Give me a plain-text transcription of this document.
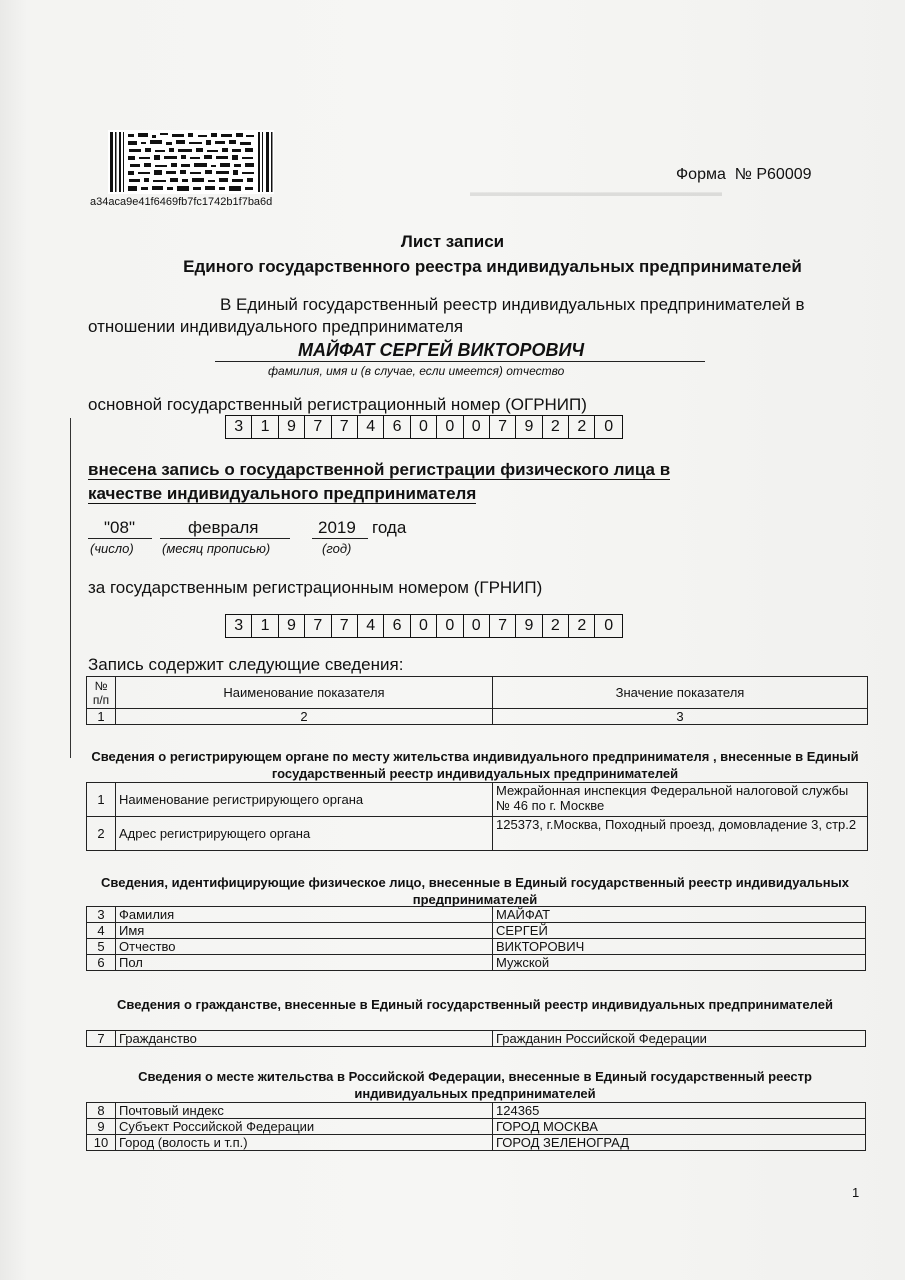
▬▬▬▬▬▬▬▬▬▬▬▬▬▬▬▬▬▬▬▬▬
a34aca9e41f6469fb7fc1742b1f7ba6d
Форма № Р60009
Лист записи
Единого государственного реестра индивидуальных предпринимателей
В Единый государственный реестр индивидуальных предпринимателей в
отношении индивидуального предпринимателя
МАЙФАТ СЕРГЕЙ ВИКТОРОВИЧ
фамилия, имя и (в случае, если имеется) отчество
основной государственный регистрационный номер (ОГРНИП)
3	1	9	7	7	4	6	0	0	0	7	9	2	2	0
внесена запись о государственной регистрации физического лица в
качестве индивидуального предпринимателя
"08"	февраля	2019 года
(число) (месяц прописью)	(год)
за государственным регистрационным номером (ГРНИП)
3	1	9	7	7	4	6	0	0	0	7	9	2	2	0
Запись содержит следующие сведения:
№ п/п	Наименование показателя	Значение показателя
1	2	3
Сведения о регистрирующем органе по месту жительства индивидуального предпринимателя , внесенные в Единый государственный реестр индивидуальных предпринимателей
1	Наименование регистрирующего органа	Межрайонная инспекция Федеральной налоговой службы № 46 по г. Москве
2	Адрес регистрирующего органа	125373, г.Москва, Походный проезд, домовладение 3, стр.2
Сведения, идентифицирующие физическое лицо, внесенные в Единый государственный реестр индивидуальных предпринимателей
3	Фамилия	МАЙФАТ
4	Имя	СЕРГЕЙ
5	Отчество	ВИКТОРОВИЧ
6	Пол	Мужской
Сведения о гражданстве, внесенные в Единый государственный реестр индивидуальных предпринимателей
7	Гражданство	Гражданин Российской Федерации
Сведения о месте жительства в Российской Федерации, внесенные в Единый государственный реестр индивидуальных предпринимателей
8	Почтовый индекс	124365
9	Субъект Российской Федерации	ГОРОД МОСКВА
10	Город (волость и т.п.)	ГОРОД ЗЕЛЕНОГРАД
1
